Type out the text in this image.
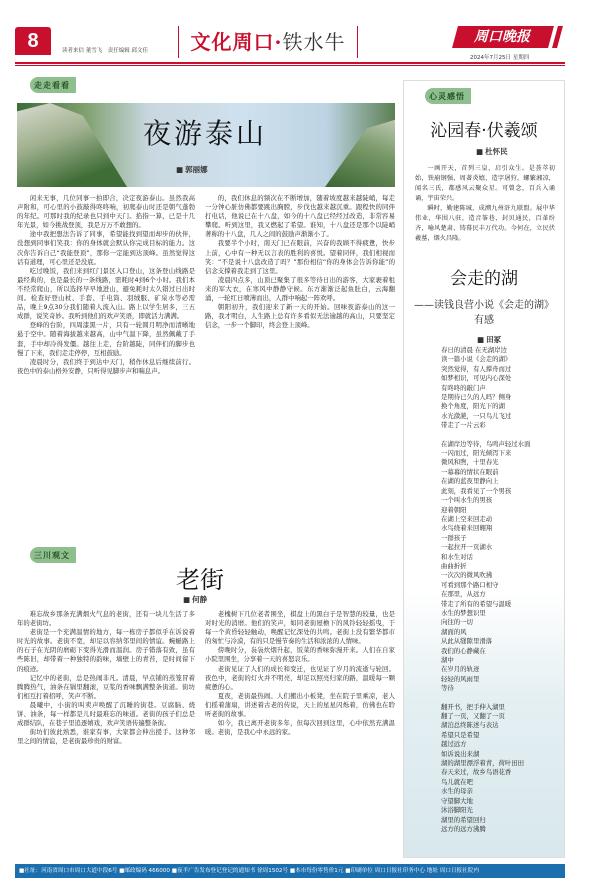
8	读者来信 董雪飞　责任编辑 邱文佳	文化周口·铁水牛	周口晚报
2024年7月25日 星期四
走走看看
夜游泰山
■ 郭丽娜

闲来无事，几位同事一拍即合，决定夜游泰山。虽然我高声附和，可心里的小鼓敲得咚咚响，初爬泰山时还是朝气蓬勃的年纪。可那时我的纪录也只到中天门。掐指一算，已是十几年光景，如今挑战登顶，我是万万不敢想的。

途中我把想法告诉了同事，希望能找到望而却步的伙伴，没想到同事们笑我：你的身体就会默认你完成目标的能力。这次你告诉自己“我能登顶”，那你一定能到达顶峰。虽然觉得这话有道理，可心里还是没底。

吃过晚饭，我们来到红门景区入口登山，这条登山线路是最经典的，也是最长的一条线路，需耗时4到6个小时。我们本不经常爬山，所以选择早早地进山，避免耗时太久错过日出时间。检查好登山杖、手套、手电筒、羽绒服、矿泉水等必需品，晚上9点30分我们随着人流入山。路上以学生居多，三五成群，说笑奇妙。我听到他们的欢声笑语，即就活力满满。

登峰的台阶，四周漆黑一片，只有一轮圆月明净而清晰地悬于空中。随着海拔越来越高，山中气温下降，虽然佩戴了手套，手中却冷得发僵。越往上走，台阶越陡，同伴们的脚步也慢了下来，我们走走停停，互相鼓励。

凌晨时分，我们终于到达中天门，稍作休息后继续前行。夜色中的泰山格外安静，只听得见脚步声和喘息声。

的，我们休息的频次在不断增加，随着坡度越来越陡峭，每走一分钟心脏仿佛都要跳出胸膛，步伐也越来越沉重。跟程快的同伴打电话，他说已在十八盘，如今的十八盘已经经过改造，非常容易攀爬。听到这里，我又燃起了希望。谁知，十八盘还是那个以陡峭著称的十八盘，几人之间的鼓励声渐渐小了。

我要半个小时，南天门已在眼前，兴奋的我顾不得疲惫，快步上前，心中有一种无以言表的胜利的喜悦。望着同伴，我们相视而笑：“不是说十八盘改造了吗？”那份相信“你的身体会告诉你能”的信念支撑着我走到了这里。

凌晨四点多，山顶已聚集了很多等待日出的游客，大家裹着租来的军大衣，在寒风中静静守候。东方渐渐泛起鱼肚白，云海翻涌，一轮红日喷薄而出，人群中响起一阵欢呼。

朝阳初升，我们迎来了新一天的开始。回味夜游泰山的这一路，我才明白，人生路上总有许多看似无法逾越的高山，只要坚定信念，一步一个脚印，终会登上顶峰。

三川观文
老街
■ 何静

难忘故乡那条充满烟火气息的老街，还有一块儿生活了多年的老街坊。

老街是一个充满温情的地方，每一栋房子都似乎在诉说着时光的故事。老街不宽，却足以容纳邻里间的情谊。蜿蜒路上的石子在光阴的磨砺下变得光滑而温润。房子错落有致，虽有些陈旧，却带着一种独特的韵味，墙壁上的青苔，是时间留下的痕迹。

记忆中的老街，总是热闹非凡。清晨，早点铺的蒸笼冒着腾腾热气，油条在锅里翻滚，豆浆的香味飘满整条街道。街坊们相互打着招呼，笑声不断。

晨曦中，小街的叫卖声唤醒了沉睡的街巷。豆腐脑、烧饼、油条，每一样都是儿时最难忘的味道。老街的孩子们总是成群结队，在巷子里追逐嬉戏，欢声笑语传遍整条街。

街坊们彼此熟悉，谁家有事，大家都会伸出援手。这种邻里之间的情谊，是老街最珍贵的财富。

老槐树下几位老者围坐，棋盘上的黑白子是智慧的较量，也是对时光的消磨。他们的笑声，如同老街屋檐下的风铃轻轻摇曳，于每一个黄昏轻轻触动，唤醒记忆深处的共鸣。老街上没有繁华都市的匆忙与冷漠，有的只是慢节奏的生活和浓浓的人情味。

傍晚时分，袅袅炊烟升起，饭菜的香味弥漫开来。人们在自家小院里围坐，分享着一天的喜怒哀乐。

老街见证了人们的成长和变迁，也见证了岁月的流逝与轮回。夜色中，老街的灯火并不明亮，却足以照亮归家的路，温暖每一颗疲惫的心。

夏夜，老街最热闹。人们搬出小板凳，坐在院子里乘凉，老人们摇着蒲扇，讲述着古老的传说，天上的星星闪烁着，仿佛也在聆听老街的故事。

如今，我已离开老街多年，但每次回到这里，心中依然充满温暖。老街，是我心中永远的家。

心灵感悟
沁园春·伏羲颂
■ 杜怀民

一画开天，首列三皇，启引众生。是荟萃初始，铁崩钢强，周著炎嬉，造字屠狩。螺繁湘凉，闻名三氏，都感风云聚众星。可曾念，百兵入诵诵，宇宙荣兴。

瞬时，勤建陈城，成溯九州浒九联盟。展中华伟业，华围八驻，造音筝巷，封贝通民，百革纷齐，喻风楚肃，铸幕民丰万代功。今何在，立民伏羲墓，烟火昌隆。

会走的湖
——读钱良营小说《会走的湖》
有感
■ 田冢

春日的清晨 在无湖岸边
读一篇小说《会走的湖》
突然觉得，有人撑舟而过
如梦相识，可见内心深处
有咚咚的敲门声
是期待已久的人吗？侧身
换个角度，阳光下的湖
水光潋滟，一只鸟儿飞过
带走了一片云彩

在湖岸边等待，鸟鸣声轻过水面
一闪而过，阳光倾泻下来
微风和煦，十里春光
一幕幕的情状在眼前
在湖的蓝夜里静向上
此刻，我看见了一个男孩
一个叫水生的男孩
迎着朝阳
在湖上空来回走动
水鸟绕着来回翱翔
一群孩子
一起拉开一页湖水
和水生对话
曲曲折折
一次次的微风吹拂
可看到那个路口相守
在那里，从远方
带走了所有的希望与温暖
水生的梦想识里
向往的一切
湖面的风
从此从缝隙里滑落
我们的心静藏在
湖中
在岁月的轨迹
轻轻的风雨里
等待

翻开书，把手伸入湖里
翻了一页，又翻了一页
湖泊总终陈述与表达
希望只是希望
越过远方
如诉说出来湖
湖的湖里漂浮着青，荷叶田田
春天来过，故乡鸟语花香
鸟儿就在吧
水生的母亲
守望脚大地
沐浴脚阳光
湖里的希望回归
远方的远方沸腾

■社址：河南省周口市周口大道中段6号 ■邮政编码 466000 ■夜半广告发布登记登记的通知书 徐周1502号 ■本市每份零售价1元 ■印刷单位 周口日报社印务中心 地址 周口日报社院内
